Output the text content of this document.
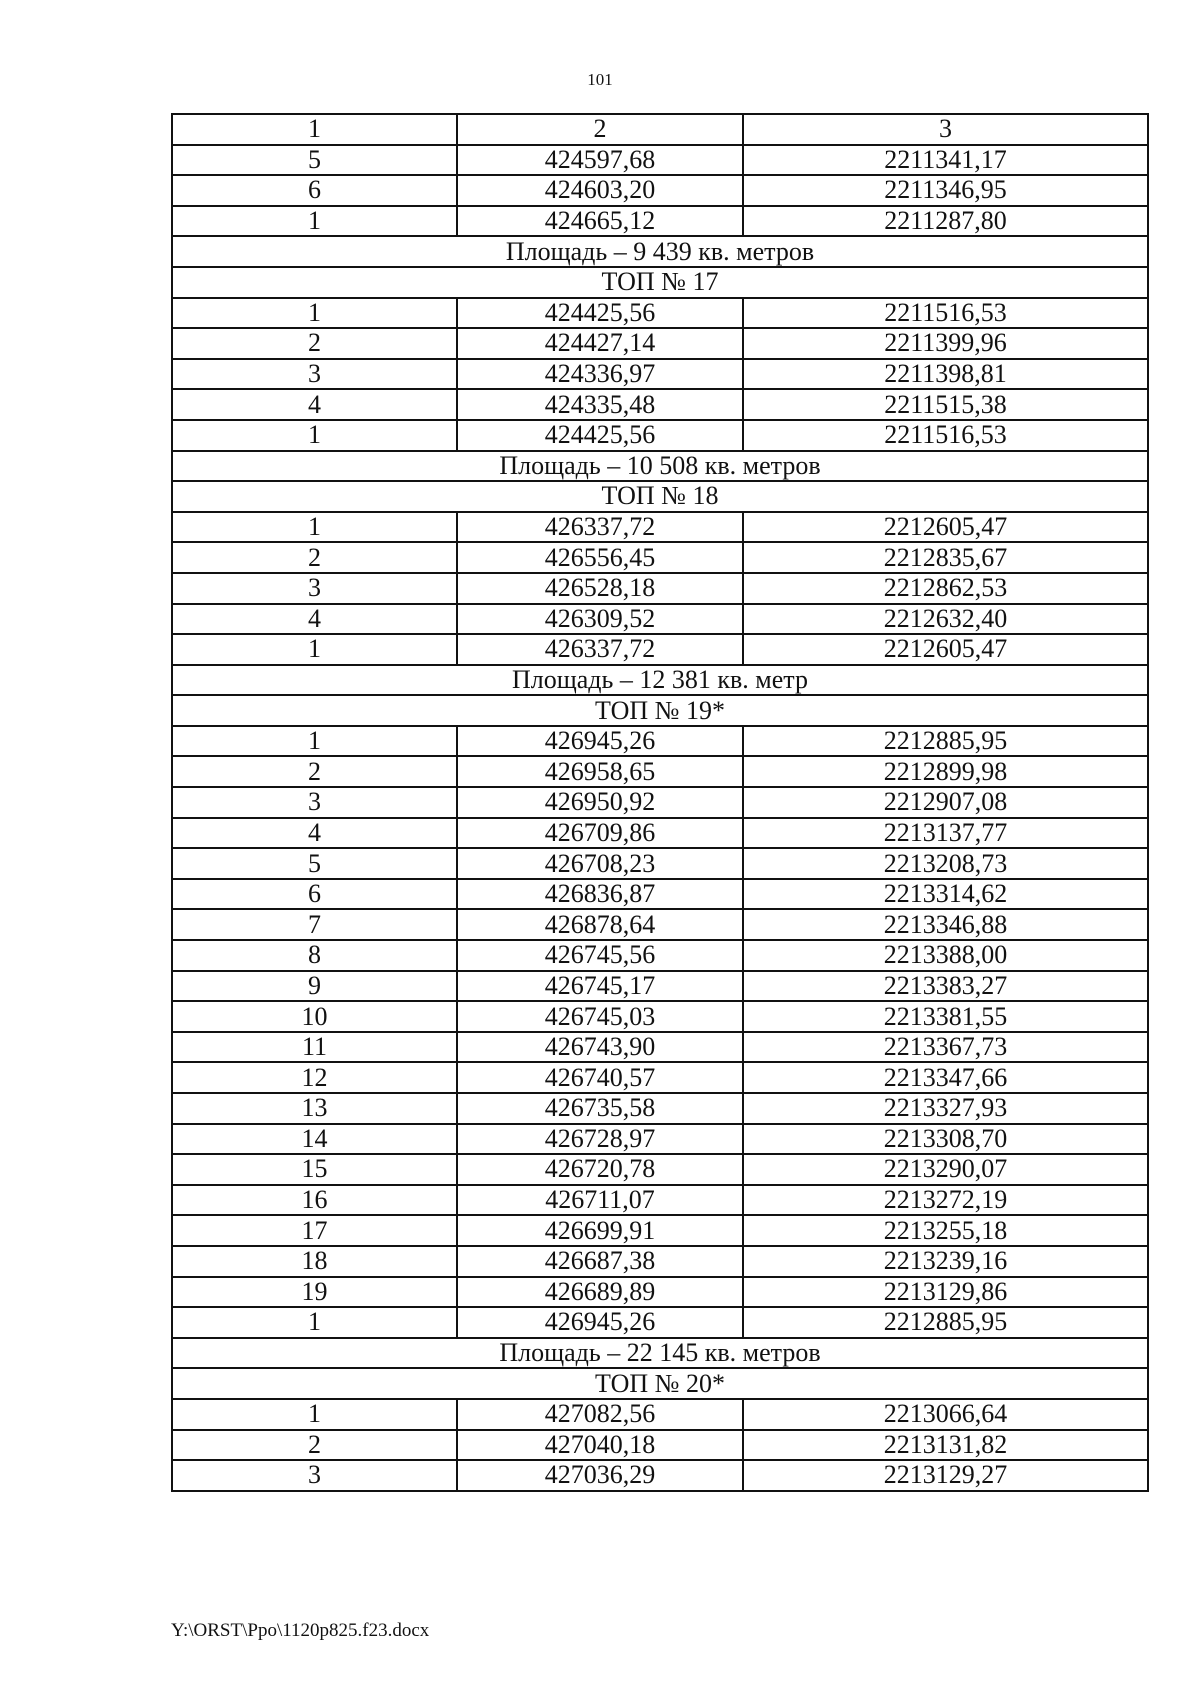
101
1	2	3
5	424597,68	2211341,17
6	424603,20	2211346,95
1	424665,12	2211287,80
Площадь – 9 439 кв. метров		
ТОП № 17		
1	424425,56	2211516,53
2	424427,14	2211399,96
3	424336,97	2211398,81
4	424335,48	2211515,38
1	424425,56	2211516,53
Площадь – 10 508 кв. метров		
ТОП № 18		
1	426337,72	2212605,47
2	426556,45	2212835,67
3	426528,18	2212862,53
4	426309,52	2212632,40
1	426337,72	2212605,47
Площадь – 12 381 кв. метр		
ТОП № 19*		
1	426945,26	2212885,95
2	426958,65	2212899,98
3	426950,92	2212907,08
4	426709,86	2213137,77
5	426708,23	2213208,73
6	426836,87	2213314,62
7	426878,64	2213346,88
8	426745,56	2213388,00
9	426745,17	2213383,27
10	426745,03	2213381,55
11	426743,90	2213367,73
12	426740,57	2213347,66
13	426735,58	2213327,93
14	426728,97	2213308,70
15	426720,78	2213290,07
16	426711,07	2213272,19
17	426699,91	2213255,18
18	426687,38	2213239,16
19	426689,89	2213129,86
1	426945,26	2212885,95
Площадь – 22 145 кв. метров		
ТОП № 20*		
1	427082,56	2213066,64
2	427040,18	2213131,82
3	427036,29	2213129,27
Y:\ORST\Ppo\1120p825.f23.docx
